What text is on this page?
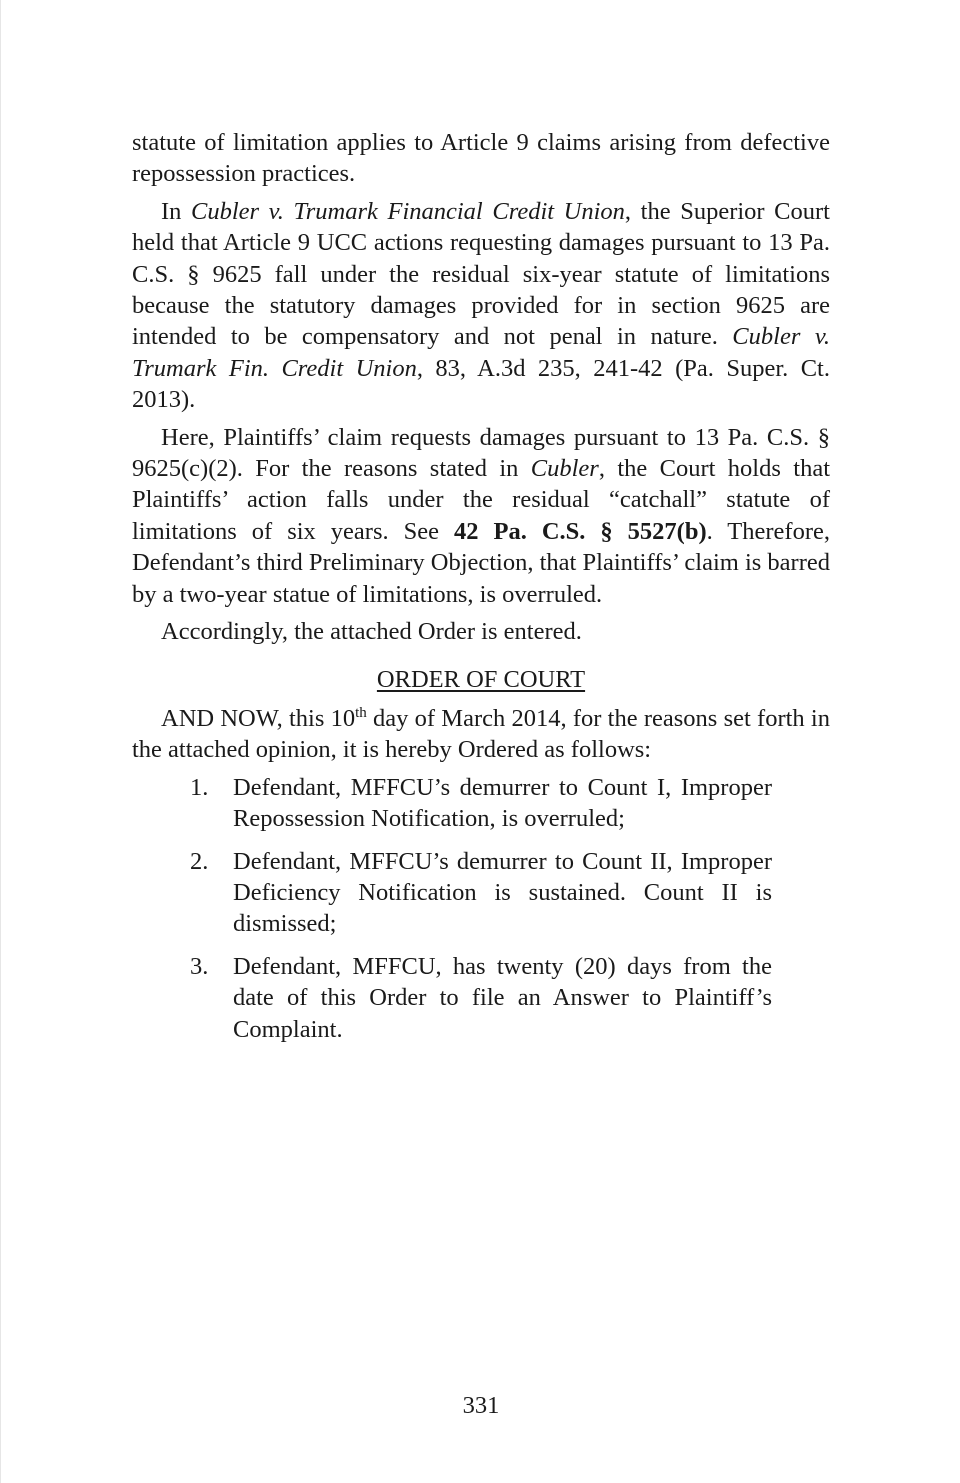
statute of limitation applies to Article 9 claims arising from defective repossession practices.

In Cubler v. Trumark Financial Credit Union, the Superior Court held that Article 9 UCC actions requesting damages pursuant to 13 Pa. C.S. § 9625 fall under the residual six-year statute of limitations because the statutory damages provided for in section 9625 are intended to be compensatory and not penal in nature. Cubler v. Trumark Fin. Credit Union, 83, A.3d 235, 241-42 (Pa. Super. Ct. 2013).

Here, Plaintiffs’ claim requests damages pursuant to 13 Pa. C.S. § 9625(c)(2). For the reasons stated in Cubler, the Court holds that Plaintiffs’ action falls under the residual “catchall” statute of limitations of six years. See 42 Pa. C.S. § 5527(b). Therefore, Defendant’s third Preliminary Objection, that Plaintiffs’ claim is barred by a two-year statue of limitations, is overruled.

Accordingly, the attached Order is entered.

ORDER OF COURT

AND NOW, this 10th day of March 2014, for the reasons set forth in the attached opinion, it is hereby Ordered as follows:

1. Defendant, MFFCU’s demurrer to Count I, Improper Repossession Notification, is overruled;
2. Defendant, MFFCU’s demurrer to Count II, Improper Deficiency Notification is sustained. Count II is dismissed;
3. Defendant, MFFCU, has twenty (20) days from the date of this Order to file an Answer to Plaintiff’s Complaint.
331
